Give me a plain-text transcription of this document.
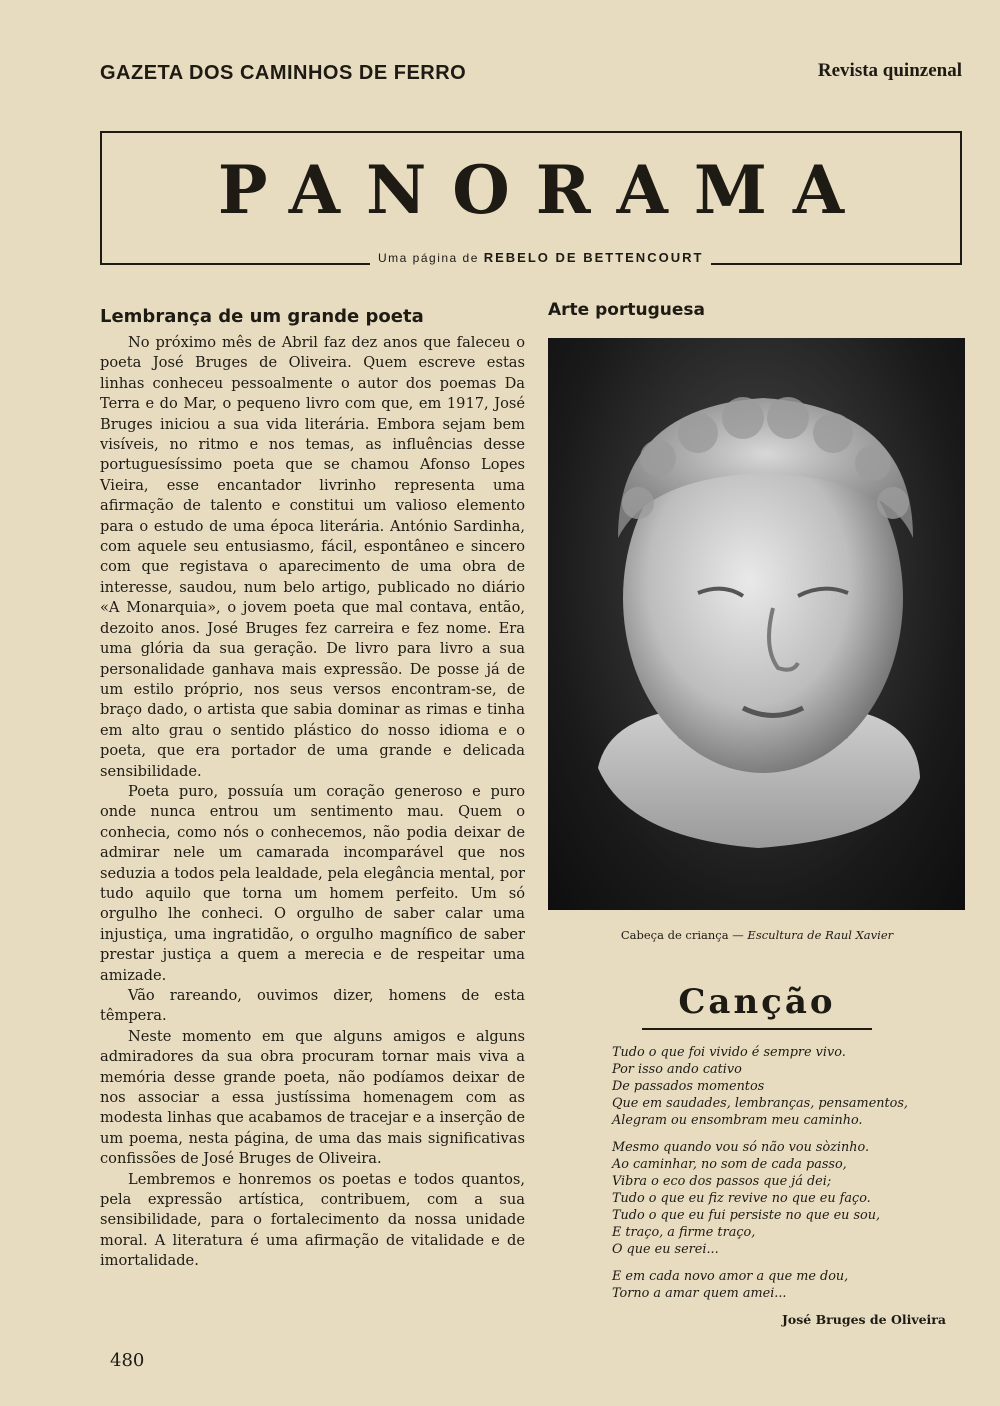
GAZETA DOS CAMINHOS DE FERRO	Revista quinzenal
PANORAMA
Uma página de REBELO DE BETTENCOURT
Lembrança de um grande poeta

No próximo mês de Abril faz dez anos que faleceu o poeta José Bruges de Oliveira. Quem escreve estas linhas conheceu pessoalmente o autor dos poemas Da Terra e do Mar, o pequeno livro com que, em 1917, José Bruges iniciou a sua vida literária. Embora sejam bem visíveis, no ritmo e nos temas, as influências desse portuguesíssimo poeta que se chamou Afonso Lopes Vieira, esse encantador livrinho representa uma afirmação de talento e constitui um valioso elemento para o estudo de uma época literária. António Sardinha, com aquele seu entusiasmo, fácil, espontâneo e sincero com que registava o aparecimento de uma obra de interesse, saudou, num belo artigo, publicado no diário «A Monarquia», o jovem poeta que mal contava, então, dezoito anos. José Bruges fez carreira e fez nome. Era uma glória da sua geração. De livro para livro a sua personalidade ganhava mais expressão. De posse já de um estilo próprio, nos seus versos encontram-se, de braço dado, o artista que sabia dominar as rimas e tinha em alto grau o sentido plástico do nosso idioma e o poeta, que era portador de uma grande e delicada sensibilidade.

Poeta puro, possuía um coração generoso e puro onde nunca entrou um sentimento mau. Quem o conhecia, como nós o conhecemos, não podia deixar de admirar nele um camarada incomparável que nos seduzia a todos pela lealdade, pela elegância mental, por tudo aquilo que torna um homem perfeito. Um só orgulho lhe conheci. O orgulho de saber calar uma injustiça, uma ingratidão, o orgulho magnífico de saber prestar justiça a quem a merecia e de respeitar uma amizade.

Vão rareando, ouvimos dizer, homens de esta têmpera.

Neste momento em que alguns amigos e alguns admiradores da sua obra procuram tornar mais viva a memória desse grande poeta, não podíamos deixar de nos associar a essa justíssima homenagem com as modesta linhas que acabamos de tracejar e a inserção de um poema, nesta página, de uma das mais significativas confissões de José Bruges de Oliveira.

Lembremos e honremos os poetas e todos quantos, pela expressão artística, contribuem, com a sua sensibilidade, para o fortalecimento da nossa unidade moral. A literatura é uma afirmação de vitalidade e de imortalidade.

Arte portuguesa
Cabeça de criança — Escultura de Raul Xavier
Canção
Tudo o que foi vivido é sempre vivo.
Por isso ando cativo
De passados momentos
Que em saudades, lembranças, pensamentos,
Alegram ou ensombram meu caminho.
Mesmo quando vou só não vou sòzinho.
Ao caminhar, no som de cada passo,
Vibra o eco dos passos que já dei;
Tudo o que eu fiz revive no que eu faço.
Tudo o que eu fui persiste no que eu sou,
E traço, a firme traço,
O que eu serei...
E em cada novo amor a que me dou,
Torno a amar quem amei...
José Bruges de Oliveira
480
